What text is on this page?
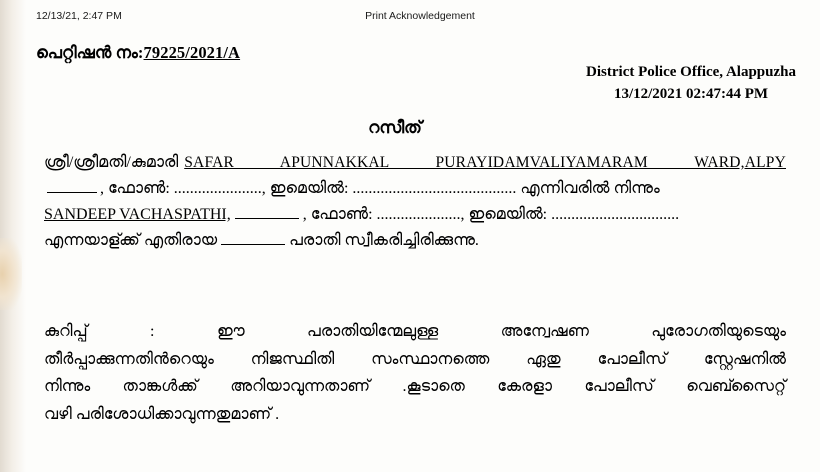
12/13/21, 2:47 PM	Print Acknowledgement
പെറ്റിഷൻ നം:79225/2021/A
District Police Office, Alappuzha
13/12/2021 02:47:44 PM
റസീത്
ശ്രീ/ശ്രീമതി/കുമാരി SAFAR APUNNAKKAL PURAYIDAMVALIYAMARAM WARD,ALPY
, ഫോൺ: ......................, ഇമെയിൽ: ......................................... എന്നിവരിൽ നിന്നും
SANDEEP VACHASPATHI,	, ഫോൺ: ....................., ഇമെയിൽ: ................................
എന്നയാള്ക്ക് എതിരായ	പരാതി സ്വീകരിച്ചിരിക്കുന്നു.
കുറിപ്പ് : ഈ പരാതിയിന്മേലുള്ള അന്വേഷണ പുരോഗതിയുടെയും
തീർപ്പാക്കുന്നതിന്‍റെയും നിജസ്ഥിതി സംസ്ഥാനത്തെ ഏതു പോലീസ് സ്റ്റേഷനിൽ
നിന്നും താങ്കൾക്ക് അറിയാവുന്നതാണ് .കൂടാതെ കേരളാ പോലീസ് വെബ്സൈറ്റ്
വഴി പരിശോധിക്കാവുന്നതുമാണ് .
